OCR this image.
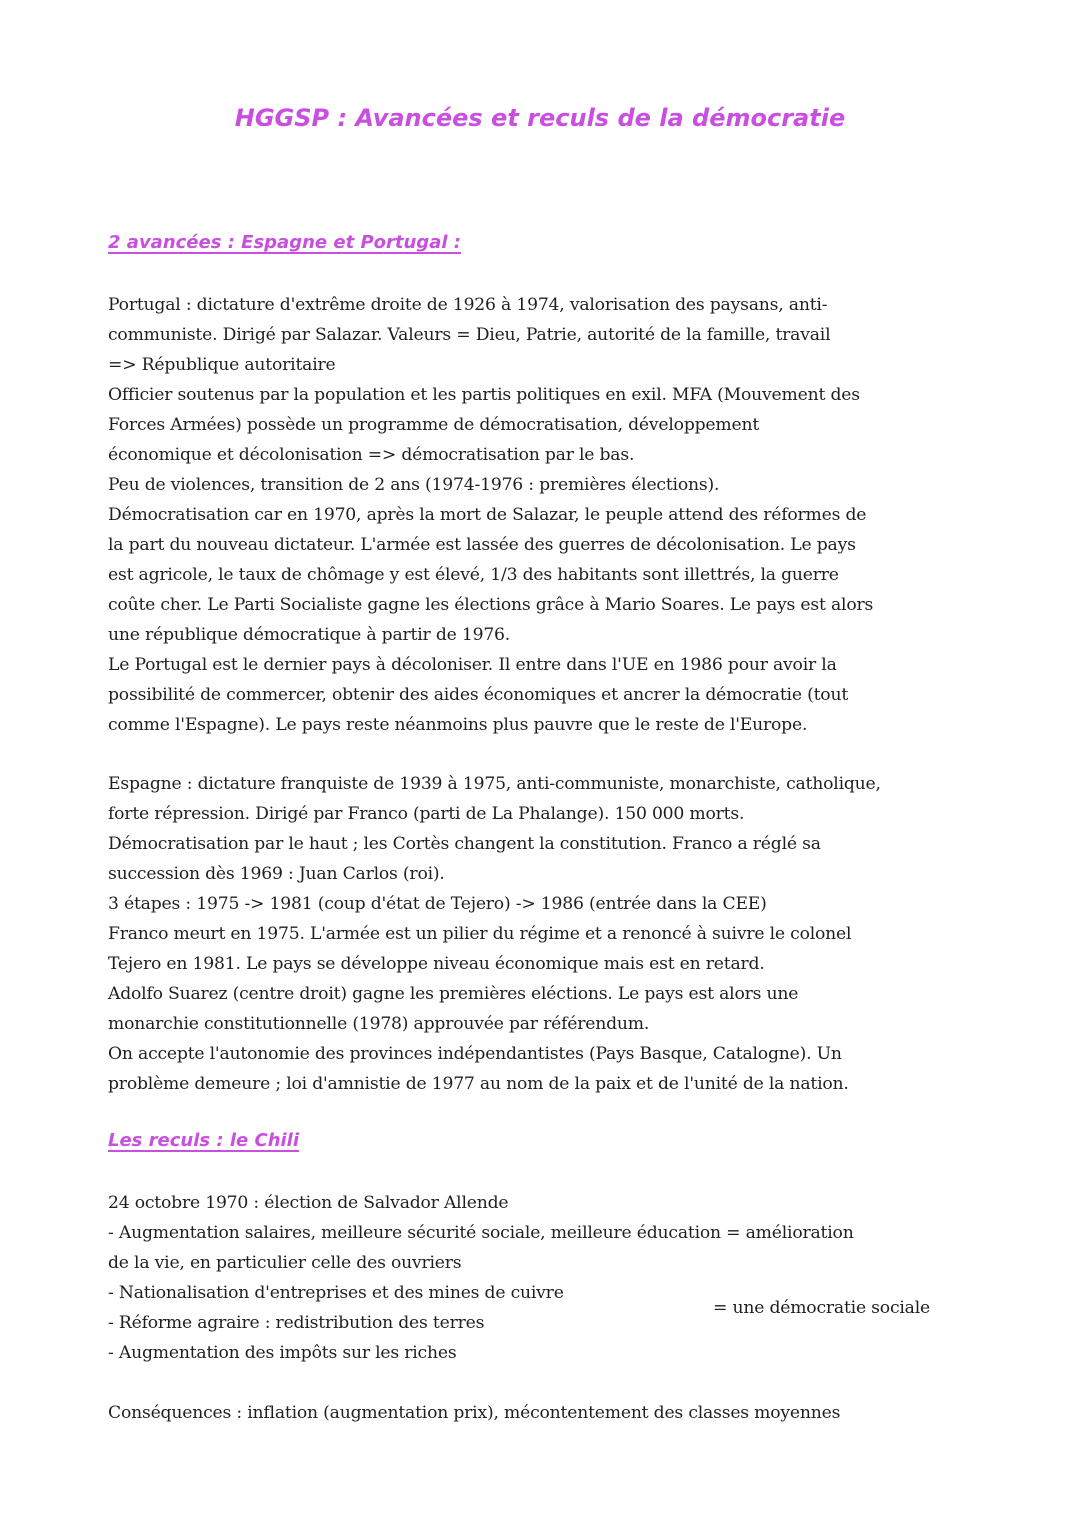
HGGSP : Avancées et reculs de la démocratie
2 avancées : Espagne et Portugal :
Portugal : dictature d'extrême droite de 1926 à 1974, valorisation des paysans, anti-
communiste. Dirigé par Salazar. Valeurs = Dieu, Patrie, autorité de la famille, travail
=> République autoritaire
Officier soutenus par la population et les partis politiques en exil. MFA (Mouvement des
Forces Armées) possède un programme de démocratisation, développement
économique et décolonisation => démocratisation par le bas.
Peu de violences, transition de 2 ans (1974-1976 : premières élections).
Démocratisation car en 1970, après la mort de Salazar, le peuple attend des réformes de
la part du nouveau dictateur. L'armée est lassée des guerres de décolonisation. Le pays
est agricole, le taux de chômage y est élevé, 1/3 des habitants sont illettrés, la guerre
coûte cher. Le Parti Socialiste gagne les élections grâce à Mario Soares. Le pays est alors
une république démocratique à partir de 1976.
Le Portugal est le dernier pays à décoloniser. Il entre dans l'UE en 1986 pour avoir la
possibilité de commercer, obtenir des aides économiques et ancrer la démocratie (tout
comme l'Espagne). Le pays reste néanmoins plus pauvre que le reste de l'Europe.
Espagne : dictature franquiste de 1939 à 1975, anti-communiste, monarchiste, catholique,
forte répression. Dirigé par Franco (parti de La Phalange). 150 000 morts.
Démocratisation par le haut ; les Cortès changent la constitution. Franco a réglé sa
succession dès 1969 : Juan Carlos (roi).
3 étapes : 1975 -> 1981 (coup d'état de Tejero) -> 1986 (entrée dans la CEE)
Franco meurt en 1975. L'armée est un pilier du régime et a renoncé à suivre le colonel
Tejero en 1981. Le pays se développe niveau économique mais est en retard.
Adolfo Suarez (centre droit) gagne les premières eléctions. Le pays est alors une
monarchie constitutionnelle (1978) approuvée par référendum.
On accepte l'autonomie des provinces indépendantistes (Pays Basque, Catalogne). Un
problème demeure ; loi d'amnistie de 1977 au nom de la paix et de l'unité de la nation.
Les reculs : le Chili
24 octobre 1970 : élection de Salvador Allende
- Augmentation salaires, meilleure sécurité sociale, meilleure éducation = amélioration
de la vie, en particulier celle des ouvriers
- Nationalisation d'entreprises et des mines de cuivre
- Réforme agraire : redistribution des terres
- Augmentation des impôts sur les riches
= une démocratie sociale
Conséquences : inflation (augmentation prix), mécontentement des classes moyennes
